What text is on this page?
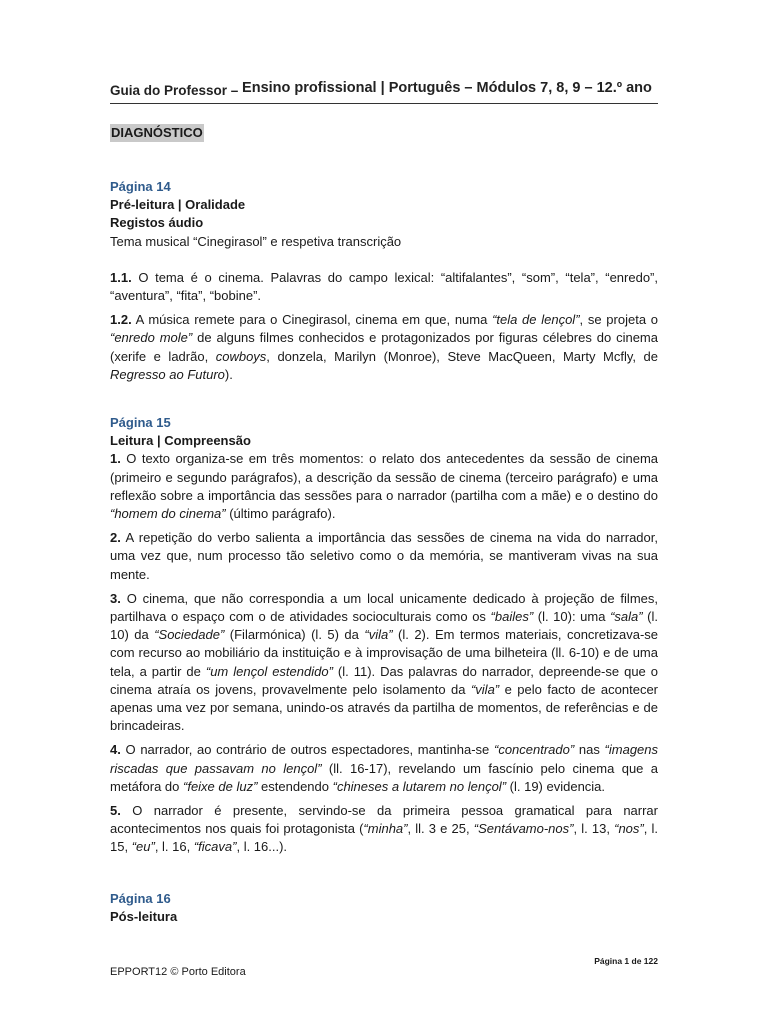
Guia do Professor – Ensino profissional | Português – Módulos 7, 8, 9 – 12.º ano
DIAGNÓSTICO
Página 14
Pré-leitura | Oralidade
Registos áudio
Tema musical “Cinegirasol” e respetiva transcrição

1.1. O tema é o cinema. Palavras do campo lexical: “altifalantes”, “som”, “tela”, “enredo”, “aventura”, “fita”, “bobine”.

1.2. A música remete para o Cinegirasol, cinema em que, numa “tela de lençol”, se projeta o “enredo mole” de alguns filmes conhecidos e protagonizados por figuras célebres do cinema (xerife e ladrão, cowboys, donzela, Marilyn (Monroe), Steve MacQueen, Marty Mcfly, de Regresso ao Futuro).

Página 15
Leitura | Compreensão

1. O texto organiza-se em três momentos: o relato dos antecedentes da sessão de cinema (primeiro e segundo parágrafos), a descrição da sessão de cinema (terceiro parágrafo) e uma reflexão sobre a importância das sessões para o narrador (partilha com a mãe) e o destino do “homem do cinema” (último parágrafo).

2. A repetição do verbo salienta a importância das sessões de cinema na vida do narrador, uma vez que, num processo tão seletivo como o da memória, se mantiveram vivas na sua mente.

3. O cinema, que não correspondia a um local unicamente dedicado à projeção de filmes, partilhava o espaço com o de atividades socioculturais como os “bailes” (l. 10): uma “sala” (l. 10) da “Sociedade” (Filarmónica) (l. 5) da “vila” (l. 2). Em termos materiais, concretizava-se com recurso ao mobiliário da instituição e à improvisação de uma bilheteira (ll. 6-10) e de uma tela, a partir de “um lençol estendido” (l. 11). Das palavras do narrador, depreende-se que o cinema atraía os jovens, provavelmente pelo isolamento da “vila” e pelo facto de acontecer apenas uma vez por semana, unindo-os através da partilha de momentos, de referências e de brincadeiras.

4. O narrador, ao contrário de outros espectadores, mantinha-se “concentrado” nas “imagens riscadas que passavam no lençol” (ll. 16-17), revelando um fascínio pelo cinema que a metáfora do “feixe de luz” estendendo “chineses a lutarem no lençol” (l. 19) evidencia.

5. O narrador é presente, servindo-se da primeira pessoa gramatical para narrar acontecimentos nos quais foi protagonista (“minha”, ll. 3 e 25, “Sentávamo-nos”, l. 13, “nos”, l. 15, “eu”, l. 16, “ficava”, l. 16...).

Página 16
Pós-leitura
Página 1 de 122
EPPORT12 © Porto Editora
